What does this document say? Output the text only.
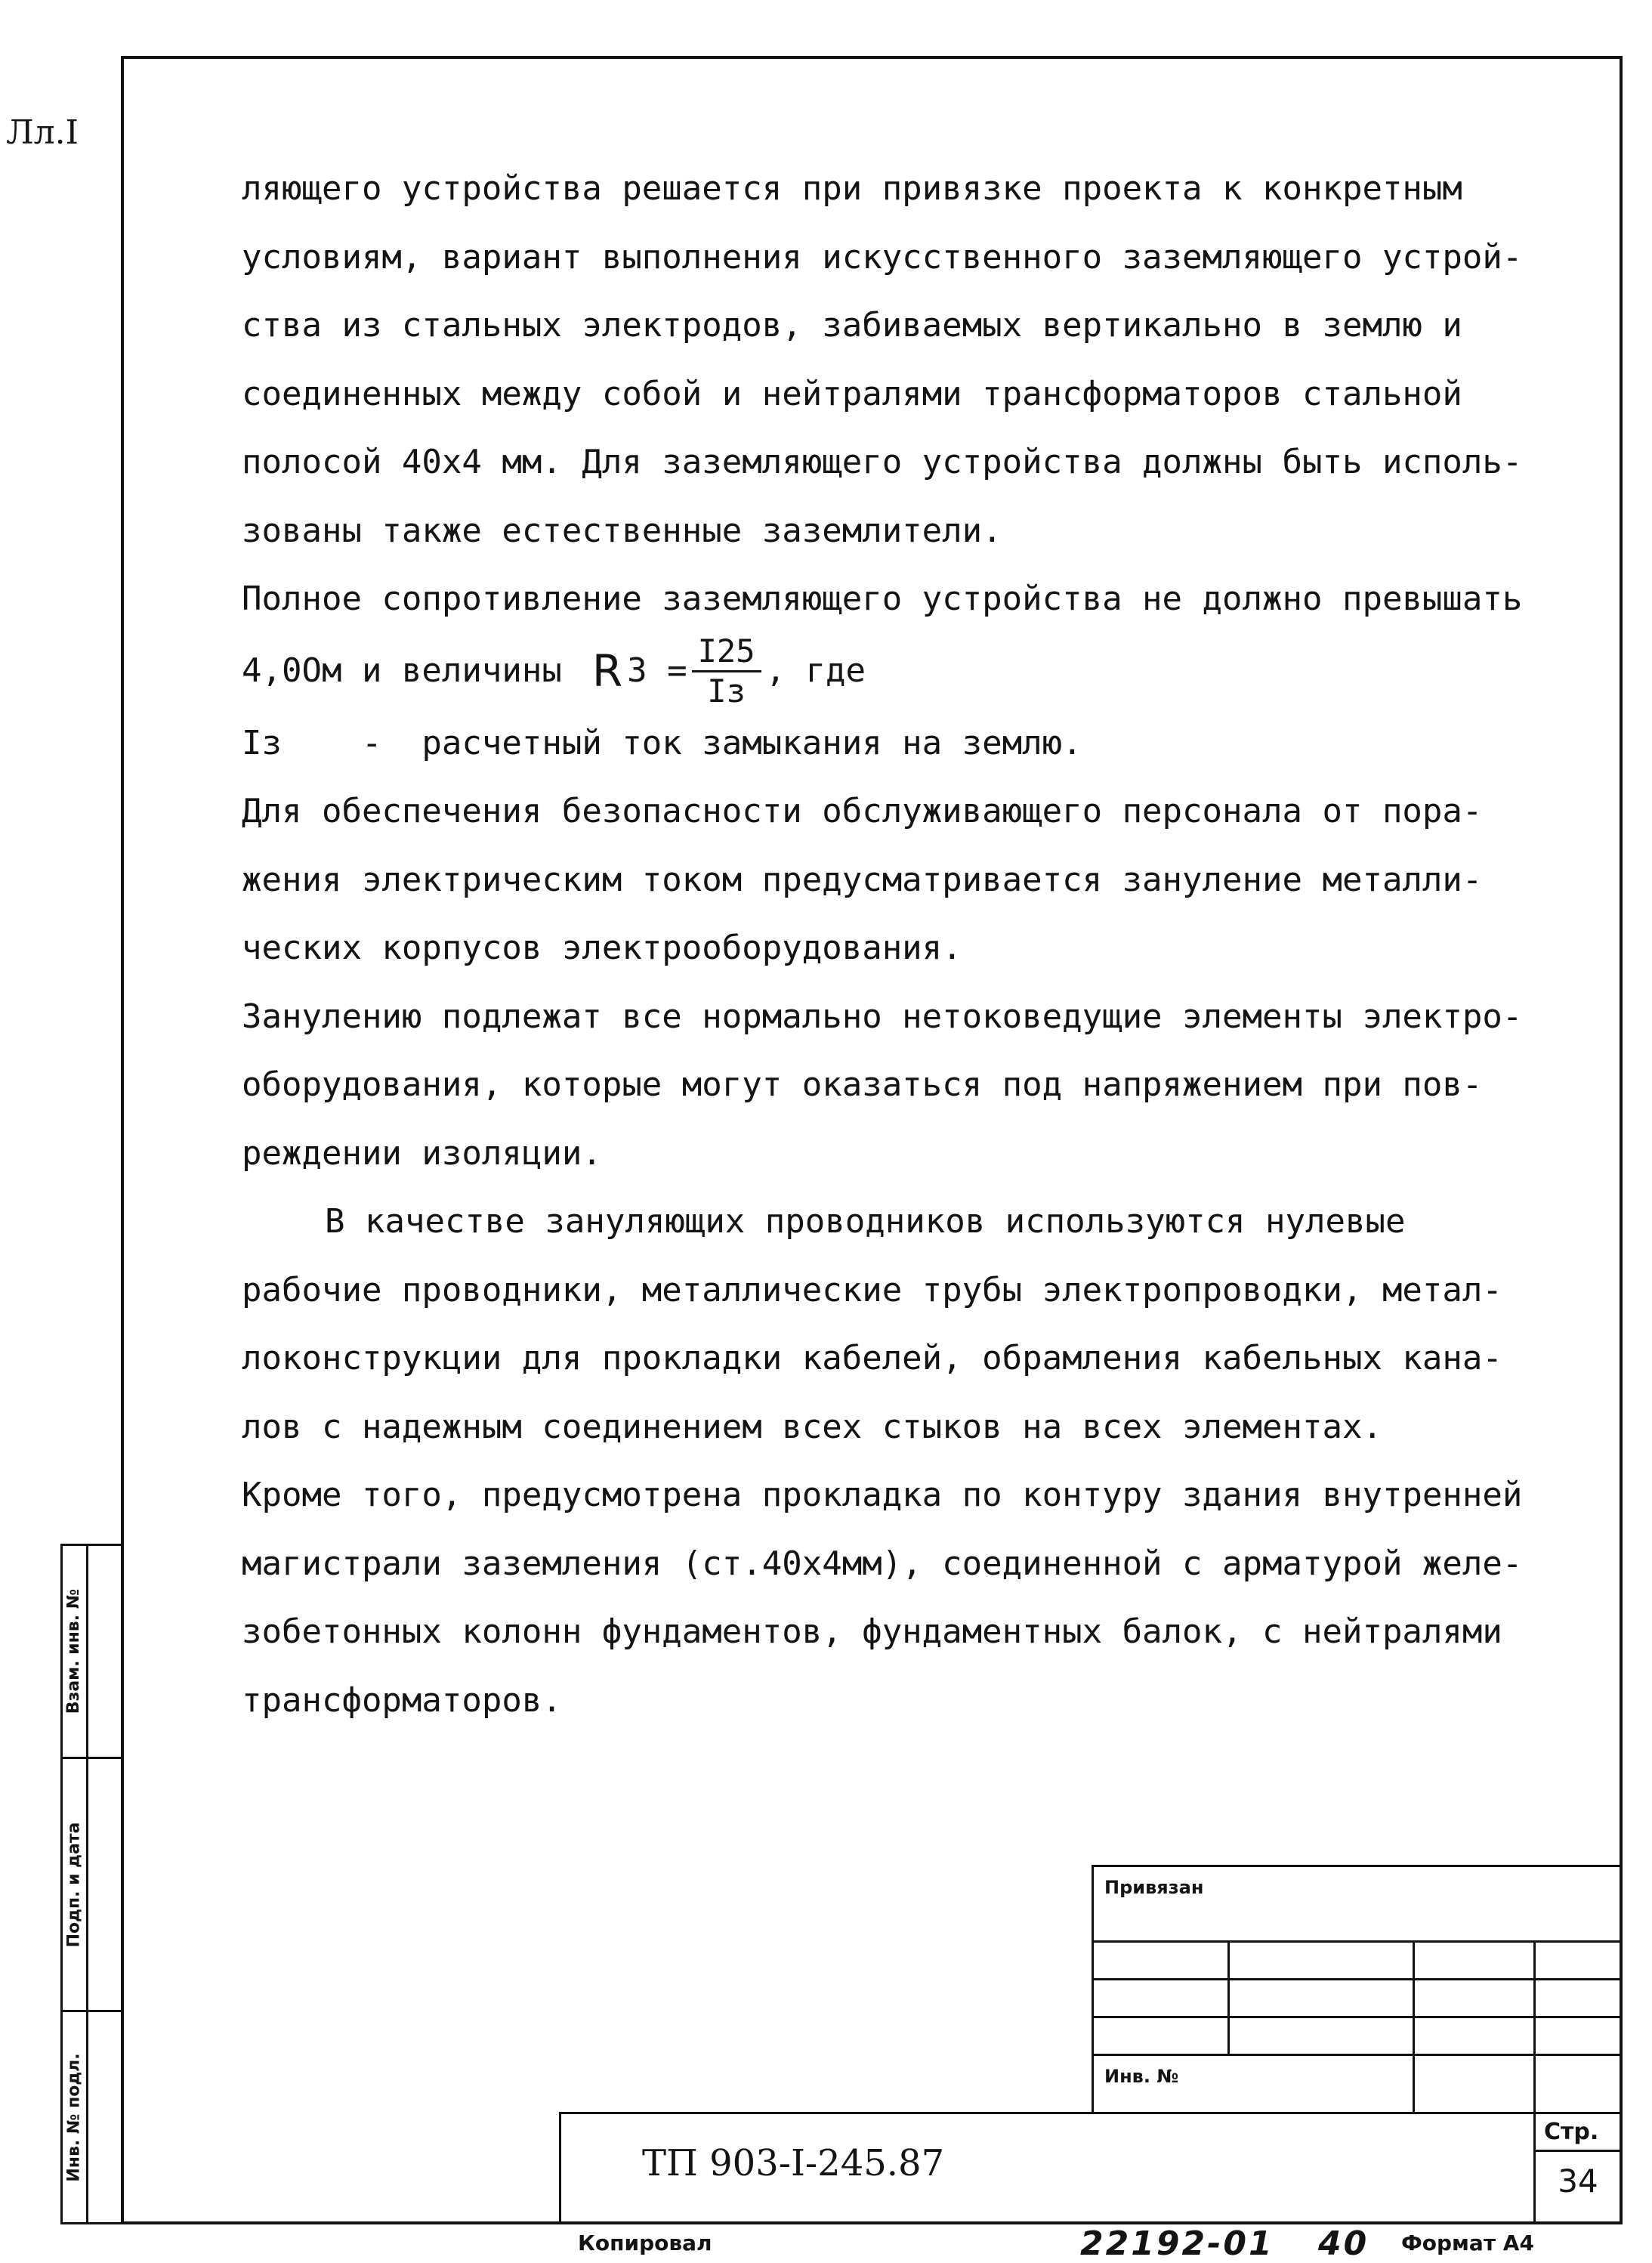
Лл.I
ляющего устройства решается при привязке проекта к конкретным
условиям, вариант выполнения искусственного заземляющего устрой-
ства из стальных электродов, забиваемых вертикально в землю и
соединенных между собой и нейтралями трансформаторов стальной
полосой 40х4 мм. Для заземляющего устройства должны быть исполь-
зованы также естественные заземлители.
Полное сопротивление заземляющего устройства не должно превышать
4,0Ом и величины R $3 = \frac{I25}{Iз}$ , где
Iз    -  расчетный ток замыкания на землю.
Для обеспечения безопасности обслуживающего персонала от пора-
жения электрическим током предусматривается зануление металли-
ческих корпусов электрооборудования.
Занулению подлежат все нормально нетоковедущие элементы электро-
оборудования, которые могут оказаться под напряжением при пов-
реждении изоляции.
В качестве зануляющих проводников используются нулевые
рабочие проводники, металлические трубы электропроводки, метал-
локонструкции для прокладки кабелей, обрамления кабельных кана-
лов с надежным соединением всех стыков на всех элементах.
Кроме того, предусмотрена прокладка по контуру здания внутренней
магистрали заземления (ст.40х4мм), соединенной с арматурой желе-
зобетонных колонн фундаментов, фундаментных балок, с нейтралями
трансформаторов.
Взам. инв. №
Подп. и дата
Инв. № подл.
Привязан
Инв. №
ТП 903-I-245.87
Стр.
34
Копировал	22192-01 40 Формат А4
